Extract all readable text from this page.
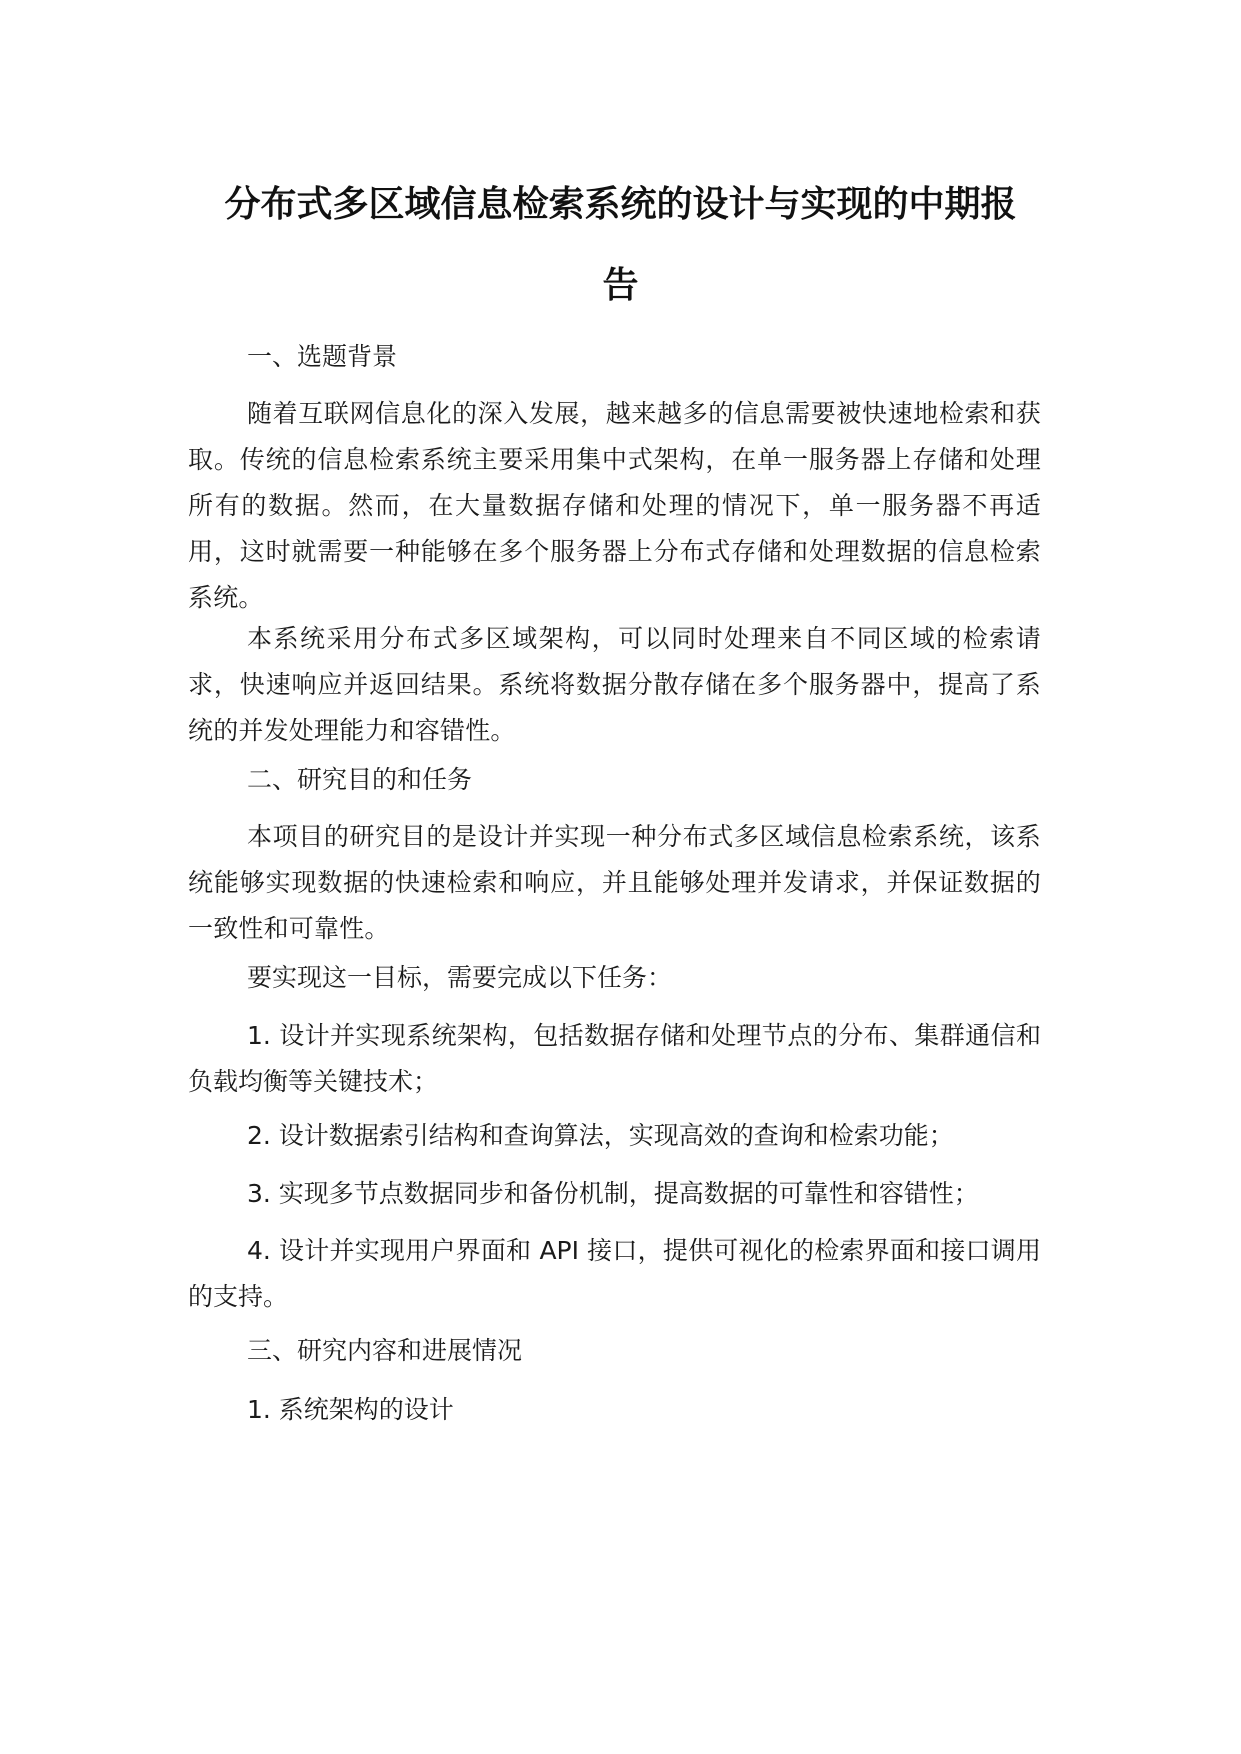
分布式多区域信息检索系统的设计与实现的中期报
告

一、选题背景

随着互联网信息化的深入发展，越来越多的信息需要被快速地检索和获取。传统的信息检索系统主要采用集中式架构，在单一服务器上存储和处理所有的数据。然而，在大量数据存储和处理的情况下，单一服务器不再适用，这时就需要一种能够在多个服务器上分布式存储和处理数据的信息检索系统。

本系统采用分布式多区域架构，可以同时处理来自不同区域的检索请求，快速响应并返回结果。系统将数据分散存储在多个服务器中，提高了系统的并发处理能力和容错性。

二、研究目的和任务

本项目的研究目的是设计并实现一种分布式多区域信息检索系统，该系统能够实现数据的快速检索和响应，并且能够处理并发请求，并保证数据的一致性和可靠性。

要实现这一目标，需要完成以下任务：

1. 设计并实现系统架构，包括数据存储和处理节点的分布、集群通信和负载均衡等关键技术；

2. 设计数据索引结构和查询算法，实现高效的查询和检索功能；

3. 实现多节点数据同步和备份机制，提高数据的可靠性和容错性；

4. 设计并实现用户界面和 API 接口，提供可视化的检索界面和接口调用的支持。

三、研究内容和进展情况

1. 系统架构的设计
